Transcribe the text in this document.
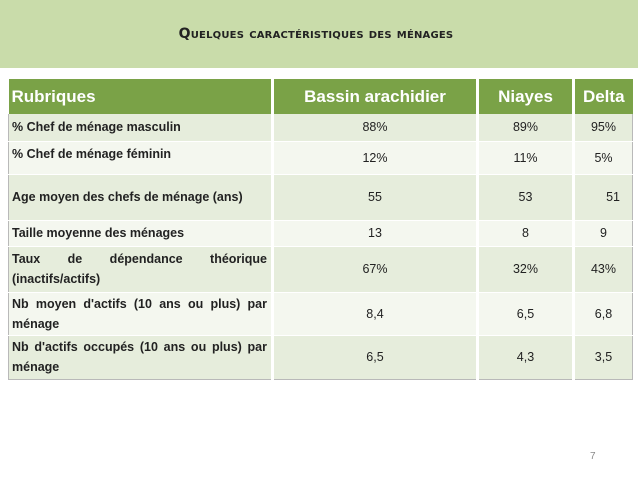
Quelques caractéristiques des ménages
Rubriques	Bassin arachidier	Niayes	Delta
% Chef de ménage masculin	88%	89%	95%
% Chef de ménage féminin	12%	11%	5%
Age moyen des chefs de ménage (ans)	55	53	51
Taille moyenne des ménages	13	8	9
Taux de dépendance théorique (inactifs/actifs)	67%	32%	43%
Nb moyen d'actifs (10 ans ou plus) par ménage	8,4	6,5	6,8
Nb d'actifs occupés (10 ans ou plus) par ménage	6,5	4,3	3,5
7
